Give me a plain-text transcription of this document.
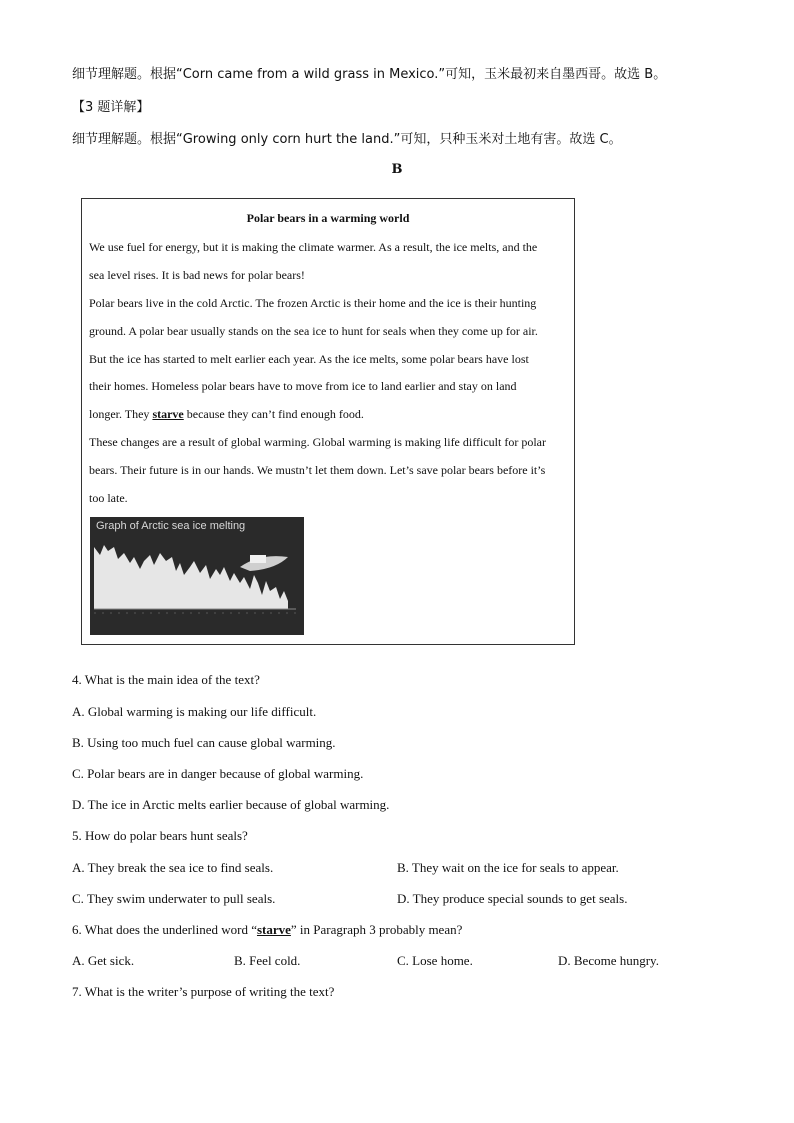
细节理解题。根据“Corn came from a wild grass in Mexico.”可知，玉米最初来自墨西哥。故选 B。
【3 题详解】
细节理解题。根据“Growing only corn hurt the land.”可知，只种玉米对土地有害。故选 C。
B
Polar bears in a warming world
We use fuel for energy, but it is making the climate warmer. As a result, the ice melts, and the
sea level rises. It is bad news for polar bears!
Polar bears live in the cold Arctic. The frozen Arctic is their home and the ice is their hunting
ground. A polar bear usually stands on the sea ice to hunt for seals when they come up for air.
But the ice has started to melt earlier each year. As the ice melts, some polar bears have lost
their homes. Homeless polar bears have to move from ice to land earlier and stay on land
longer. They starve because they can’t find enough food.
These changes are a result of global warming. Global warming is making life difficult for polar
bears. Their future is in our hands. We mustn’t let them down. Let’s save polar bears before it’s
too late.
Graph of Arctic sea ice melting
4. What is the main idea of the text?
A. Global warming is making our life difficult.
B. Using too much fuel can cause global warming.
C. Polar bears are in danger because of global warming.
D. The ice in Arctic melts earlier because of global warming.
5. How do polar bears hunt seals?
A. They break the sea ice to find seals.	B. They wait on the ice for seals to appear.
C. They swim underwater to pull seals.	D. They produce special sounds to get seals.
6. What does the underlined word “starve” in Paragraph 3 probably mean?
A. Get sick.	B. Feel cold.	C. Lose home.	D. Become hungry.
7. What is the writer’s purpose of writing the text?
